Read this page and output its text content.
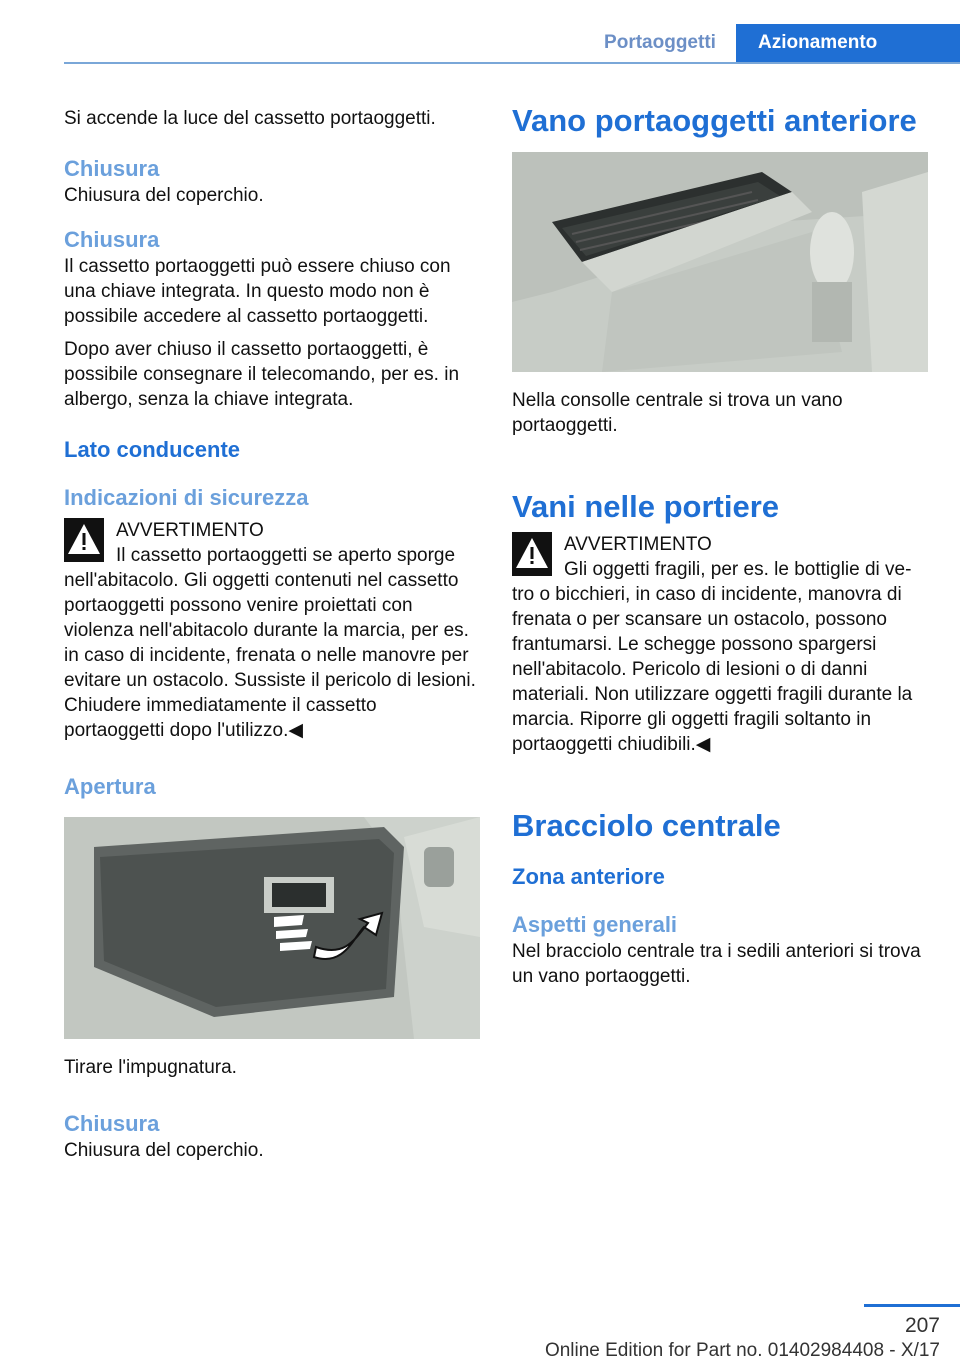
Portaoggetti	Azionamento

Si accende la luce del cassetto portaoggetti.

Chiusura

Chiusura del coperchio.

Chiusura

Il cassetto portaoggetti può essere chiuso con una chiave integrata. In questo modo non è possibile accedere al cassetto portaoggetti.

Dopo aver chiuso il cassetto portaoggetti, è possibile consegnare il telecomando, per es. in albergo, senza la chiave integrata.

Lato conducente
Indicazioni di sicurezza

AVVERTIMENTO

Il cassetto portaoggetti se aperto sporge

nell'abitacolo. Gli oggetti contenuti nel cassetto portaoggetti possono venire proiettati con violenza nell'abitacolo durante la marcia, per es. in caso di incidente, frenata o nelle manovre per evitare un ostacolo. Sussiste il pericolo di lesioni. Chiudere immediatamente il cassetto portaoggetti dopo l'utilizzo.◀

Apertura

Tirare l'impugnatura.

Chiusura

Chiusura del coperchio.

Vano portaoggetti anteriore

Nella consolle centrale si trova un vano portaoggetti.

Vani nelle portiere

AVVERTIMENTO

Gli oggetti fragili, per es. le bottiglie di ve-

tro o bicchieri, in caso di incidente, manovra di frenata o per scansare un ostacolo, possono frantumarsi. Le schegge possono spargersi nell'abitacolo. Pericolo di lesioni o di danni materiali. Non utilizzare oggetti fragili durante la marcia. Riporre gli oggetti fragili soltanto in portaoggetti chiudibili.◀

Bracciolo centrale
Zona anteriore
Aspetti generali

Nel bracciolo centrale tra i sedili anteriori si trova un vano portaoggetti.

207
Online Edition for Part no. 01402984408 - X/17
